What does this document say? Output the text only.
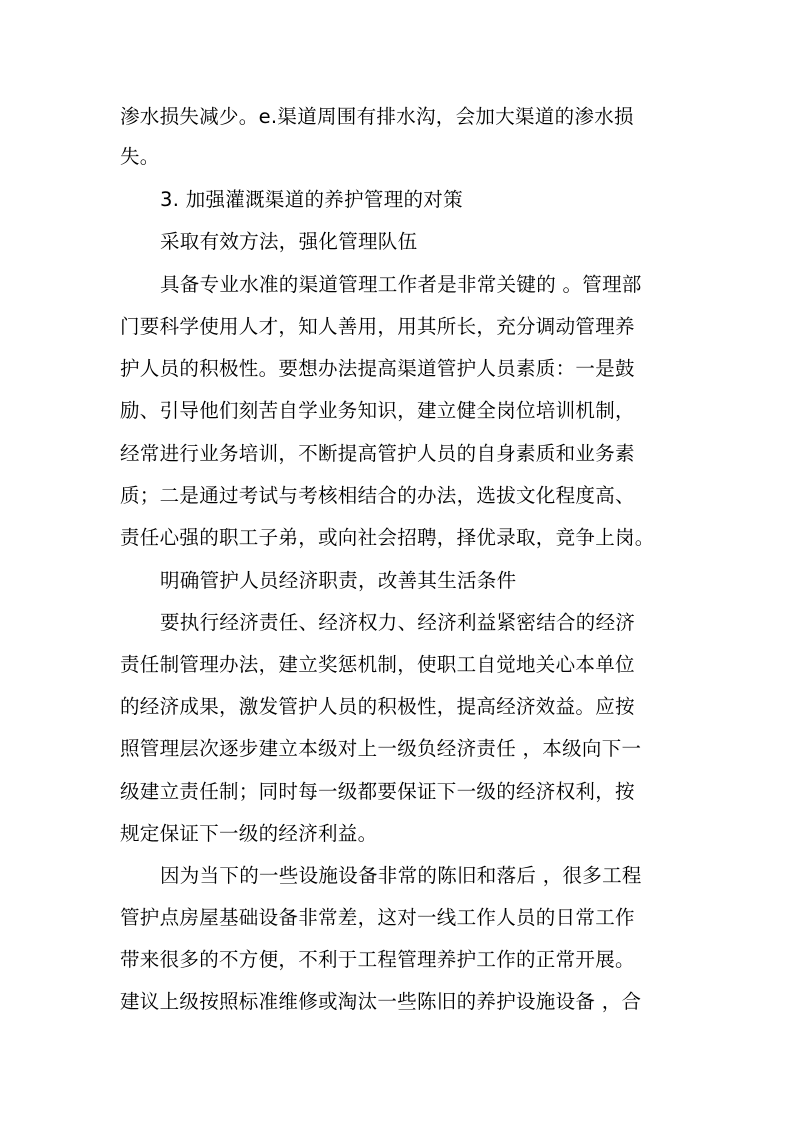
渗水损失减少。e.渠道周围有排水沟，会加大渠道的渗水损
失。
3. 加强灌溉渠道的养护管理的对策
采取有效方法，强化管理队伍
具备专业水准的渠道管理工作者是非常关键的 。管理部
门要科学使用人才，知人善用，用其所长，充分调动管理养
护人员的积极性。要想办法提高渠道管护人员素质：一是鼓
励、引导他们刻苦自学业务知识，建立健全岗位培训机制，
经常进行业务培训，不断提高管护人员的自身素质和业务素
质；二是通过考试与考核相结合的办法，选拔文化程度高、
责任心强的职工子弟，或向社会招聘，择优录取，竞争上岗。
明确管护人员经济职责，改善其生活条件
要执行经济责任、经济权力、经济利益紧密结合的经济
责任制管理办法，建立奖惩机制，使职工自觉地关心本单位
的经济成果，激发管护人员的积极性，提高经济效益。应按
照管理层次逐步建立本级对上一级负经济责任 ，本级向下一
级建立责任制；同时每一级都要保证下一级的经济权利，按
规定保证下一级的经济利益。
因为当下的一些设施设备非常的陈旧和落后 ，很多工程
管护点房屋基础设备非常差，这对一线工作人员的日常工作
带来很多的不方便，不利于工程管理养护工作的正常开展。
建议上级按照标准维修或淘汰一些陈旧的养护设施设备 ，合
